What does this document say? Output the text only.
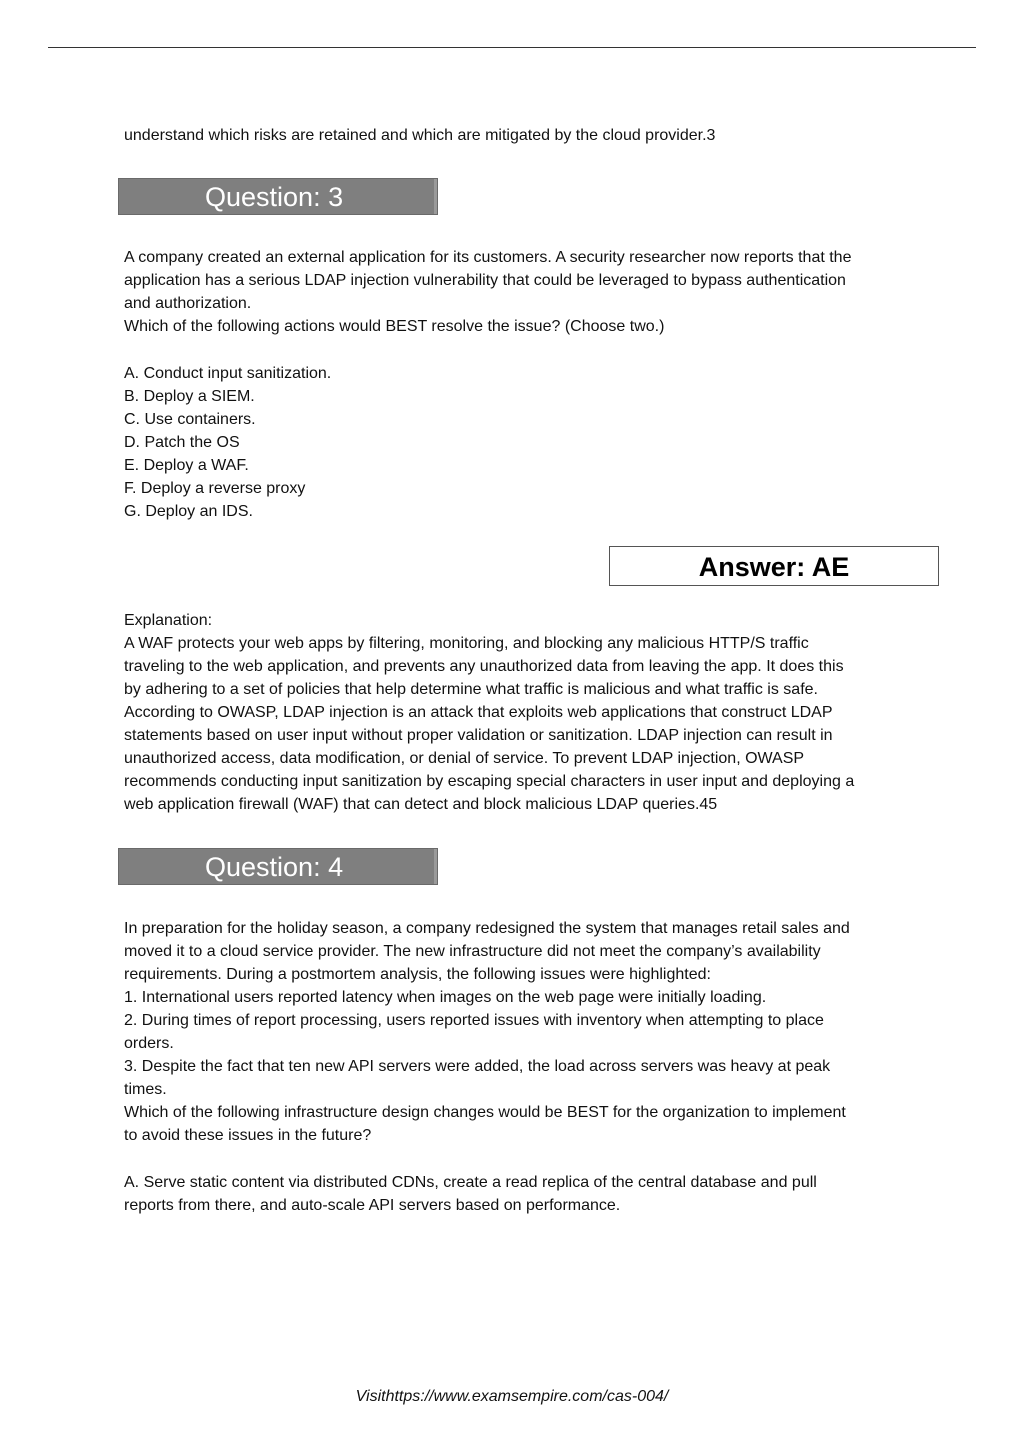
understand which risks are retained and which are mitigated by the cloud provider.3
Question: 3
A company created an external application for its customers. A security researcher now reports that the
application has a serious LDAP injection vulnerability that could be leveraged to bypass authentication
and authorization.
Which of the following actions would BEST resolve the issue? (Choose two.)
A. Conduct input sanitization.
B. Deploy a SIEM.
C. Use containers.
D. Patch the OS
E. Deploy a WAF.
F. Deploy a reverse proxy
G. Deploy an IDS.
Answer: AE
Explanation:
A WAF protects your web apps by filtering, monitoring, and blocking any malicious HTTP/S traffic
traveling to the web application, and prevents any unauthorized data from leaving the app. It does this
by adhering to a set of policies that help determine what traffic is malicious and what traffic is safe.
According to OWASP, LDAP injection is an attack that exploits web applications that construct LDAP
statements based on user input without proper validation or sanitization. LDAP injection can result in
unauthorized access, data modification, or denial of service. To prevent LDAP injection, OWASP
recommends conducting input sanitization by escaping special characters in user input and deploying a
web application firewall (WAF) that can detect and block malicious LDAP queries.45
Question: 4
In preparation for the holiday season, a company redesigned the system that manages retail sales and
moved it to a cloud service provider. The new infrastructure did not meet the company’s availability
requirements. During a postmortem analysis, the following issues were highlighted:
1. International users reported latency when images on the web page were initially loading.
2. During times of report processing, users reported issues with inventory when attempting to place
orders.
3. Despite the fact that ten new API servers were added, the load across servers was heavy at peak
times.
Which of the following infrastructure design changes would be BEST for the organization to implement
to avoid these issues in the future?
A. Serve static content via distributed CDNs, create a read replica of the central database and pull
reports from there, and auto-scale API servers based on performance.
Visithttps://www.examsempire.com/cas-004/
